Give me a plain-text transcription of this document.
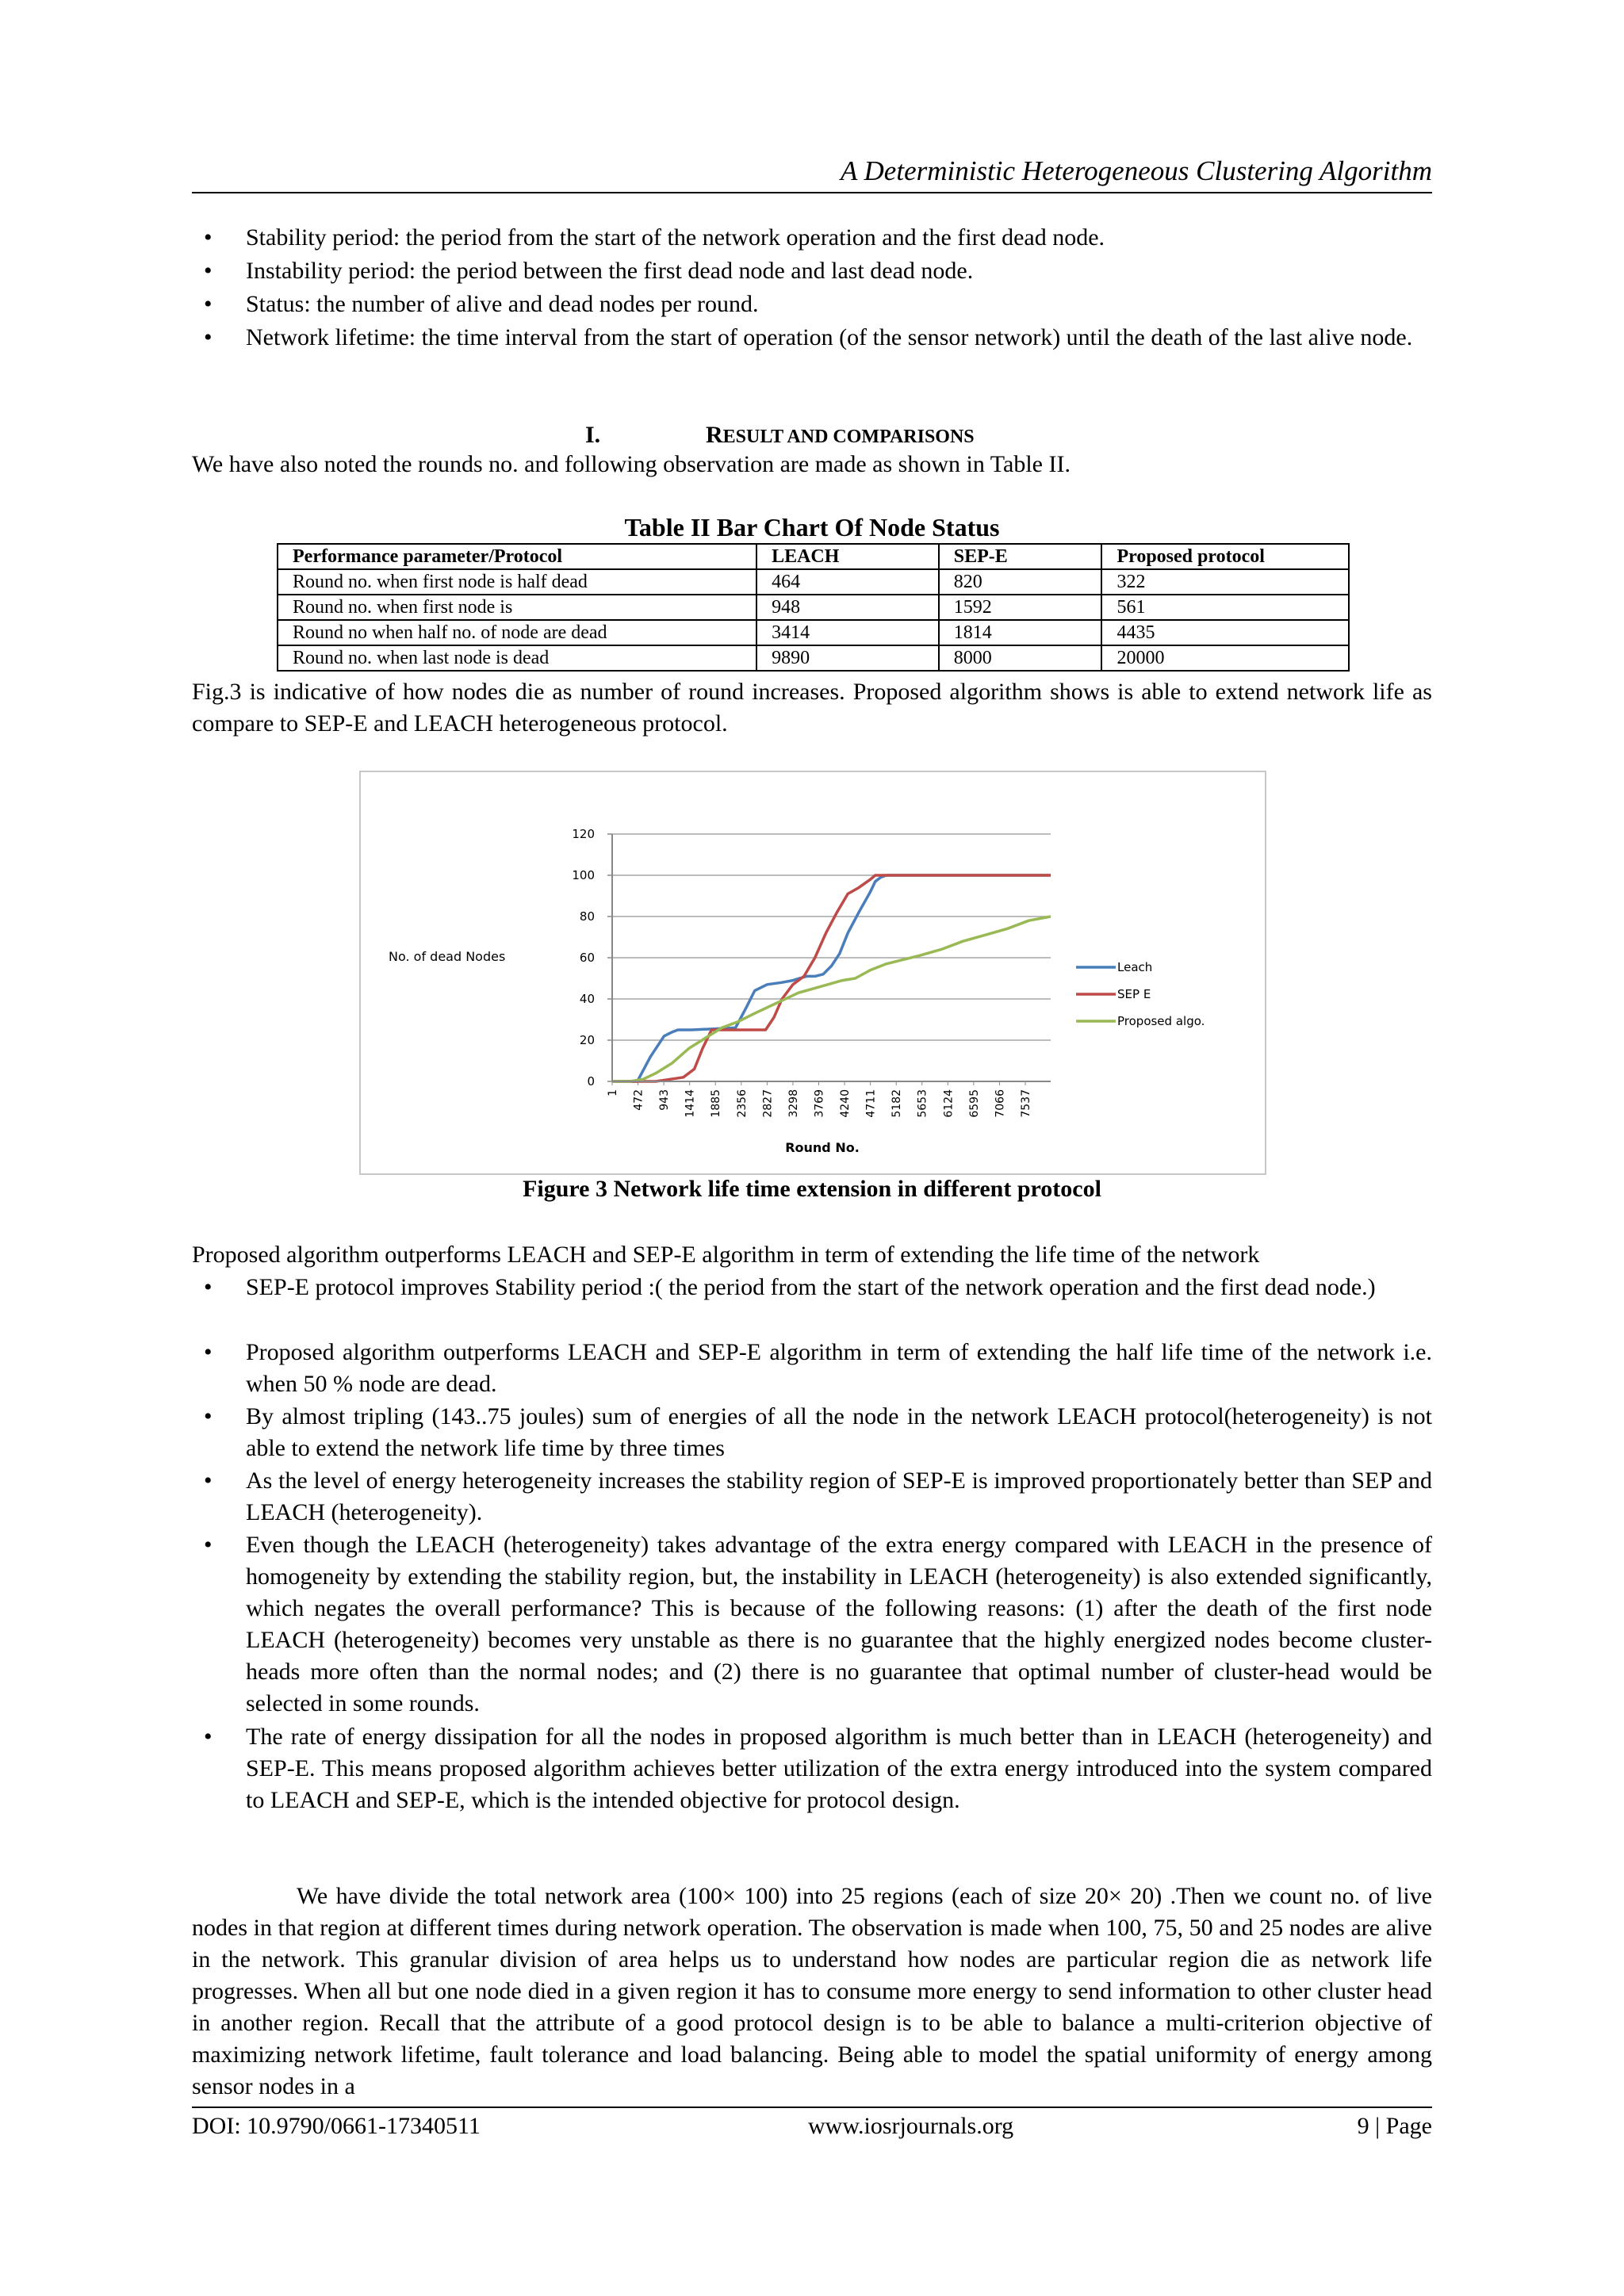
A Deterministic Heterogeneous Clustering Algorithm
• Stability period: the period from the start of the network operation and the first dead node.
• Instability period: the period between the first dead node and last dead node.
• Status: the number of alive and dead nodes per round.
• Network lifetime: the time interval from the start of operation (of the sensor network) until the death of the last alive node.
I.	RESULT AND COMPARISONS
We have also noted the rounds no. and following observation are made as shown in Table II.
Table II Bar Chart Of Node Status
Performance parameter/Protocol	LEACH	SEP-E	Proposed protocol
Round no. when first node is half dead	464	820	322
Round no. when first node is	948	1592	561
Round no when half no. of node are dead	3414	1814	4435
Round no. when last node is dead	9890	8000	20000
Fig.3 is indicative of how nodes die as number of round increases. Proposed algorithm shows is able to extend network life as compare to SEP-E and LEACH heterogeneous protocol.
0
20
40
60
80
100
120
1 472 943 1414 1885 2356 2827 3298 3769 4240 4711 5182 5653 6124 6595 7066 7537
No. of dead Nodes
Round No.
Leach
SEP E
Proposed algo.
Figure 3 Network life time extension in different protocol
Proposed algorithm outperforms LEACH and SEP-E algorithm in term of extending the life time of the network
• SEP-E protocol improves Stability period :( the period from the start of the network operation and the first dead node.)
• Proposed algorithm outperforms LEACH and SEP-E algorithm in term of extending the half life time of the network i.e. when 50 % node are dead.
• By almost tripling (143..75 joules) sum of energies of all the node in the network LEACH protocol(heterogeneity) is not able to extend the network life time by three times
• As the level of energy heterogeneity increases the stability region of SEP-E is improved proportionately better than SEP and LEACH (heterogeneity).
• Even though the LEACH (heterogeneity) takes advantage of the extra energy compared with LEACH in the presence of homogeneity by extending the stability region, but, the instability in LEACH (heterogeneity) is also extended significantly, which negates the overall performance? This is because of the following reasons: (1) after the death of the first node LEACH (heterogeneity) becomes very unstable as there is no guarantee that the highly energized nodes become cluster-heads more often than the normal nodes; and (2) there is no guarantee that optimal number of cluster-head would be selected in some rounds.
• The rate of energy dissipation for all the nodes in proposed algorithm is much better than in LEACH (heterogeneity) and SEP-E. This means proposed algorithm achieves better utilization of the extra energy introduced into the system compared to LEACH and SEP-E, which is the intended objective for protocol design.
We have divide the total network area (100× 100) into 25 regions (each of size 20× 20) .Then we count no. of live nodes in that region at different times during network operation. The observation is made when 100, 75, 50 and 25 nodes are alive in the network. This granular division of area helps us to understand how nodes are particular region die as network life progresses. When all but one node died in a given region it has to consume more energy to send information to other cluster head in another region. Recall that the attribute of a good protocol design is to be able to balance a multi-criterion objective of maximizing network lifetime, fault tolerance and load balancing. Being able to model the spatial uniformity of energy among sensor nodes in a
DOI: 10.9790/0661-17340511	www.iosrjournals.org	9 | Page
